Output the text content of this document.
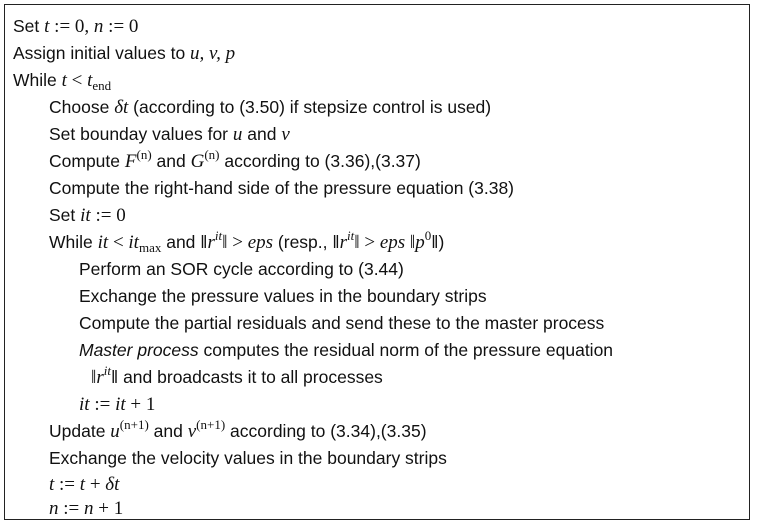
Set t := 0, n := 0
Assign initial values to u, v, p
While $t < t_{end}$
Choose δt (according to (3.50) if stepsize control is used)
Set bounday values for u and v
Compute $F^{(n)}$ and $G^{(n)}$ according to (3.36),(3.37)
Compute the right-hand side of the pressure equation (3.38)
Set it := 0
While it < $it_{max}$ and $‖r^{it}‖$ > eps (resp., $‖r^{it}‖$ > eps $‖p^0‖$)
Perform an SOR cycle according to (3.44)
Exchange the pressure values in the boundary strips
Compute the partial residuals and send these to the master process
Master process computes the residual norm of the pressure equation
$‖r^{it}‖$ and broadcasts it to all processes
it := it + 1
Update $u^{(n+1)}$ and $v^{(n+1)}$ according to (3.34),(3.35)
Exchange the velocity values in the boundary strips
t := t + δt
n := n + 1
